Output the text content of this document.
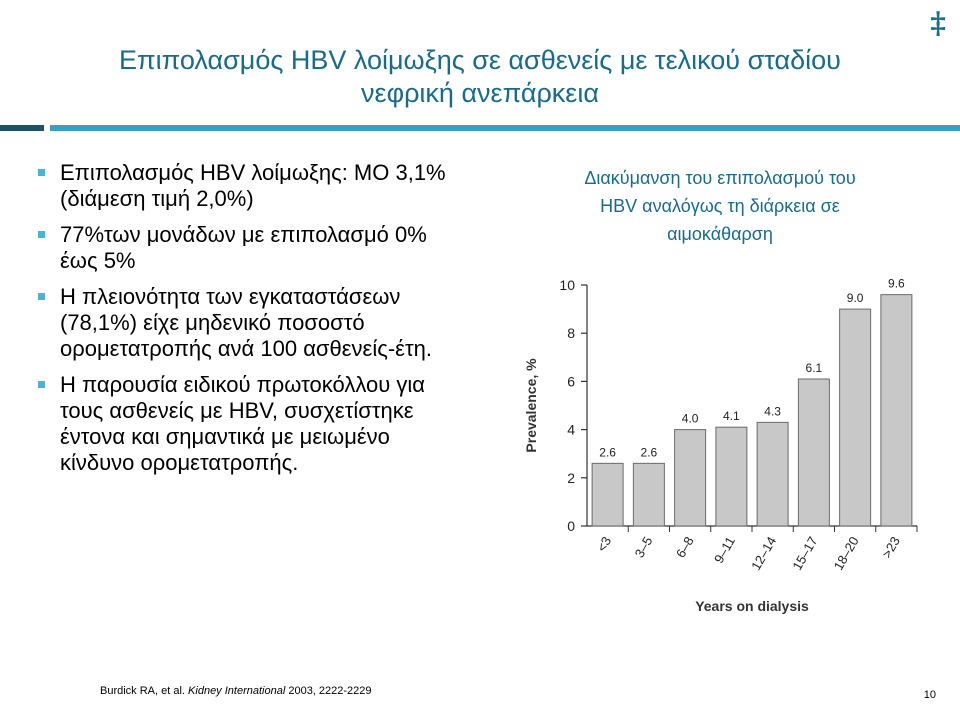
‡
Επιπολασμός HBV λοίμωξης σε ασθενείς με τελικού σταδίου
νεφρική ανεπάρκεια
Επιπολασμός HBV λοίμωξης: ΜΟ 3,1% (διάμεση τιμή 2,0%)
77%των μονάδων με επιπολασμό 0% έως 5%
Η πλειονότητα των εγκαταστάσεων (78,1%) είχε μηδενικό ποσοστό ορομετατροπής ανά 100 ασθενείς-έτη.
Η παρουσία ειδικού πρωτοκόλλου για τους ασθενείς με HBV, συσχετίστηκε έντονα και σημαντικά με μειωμένο κίνδυνο ορομετατροπής.
Διακύμανση του επιπολασμού του
HBV αναλόγως τη διάρκεια σε
αιμοκάθαρση
0
2
4
6
8
10
2.6
<3
2.6
3–5
4.0
6–8
4.1
9–11
4.3
12–14
6.1
15–17
9.0
18–20
9.6
>23
Prevalence, %
Years on dialysis
Burdick RA, et al. Kidney International 2003, 2222-2229	10
